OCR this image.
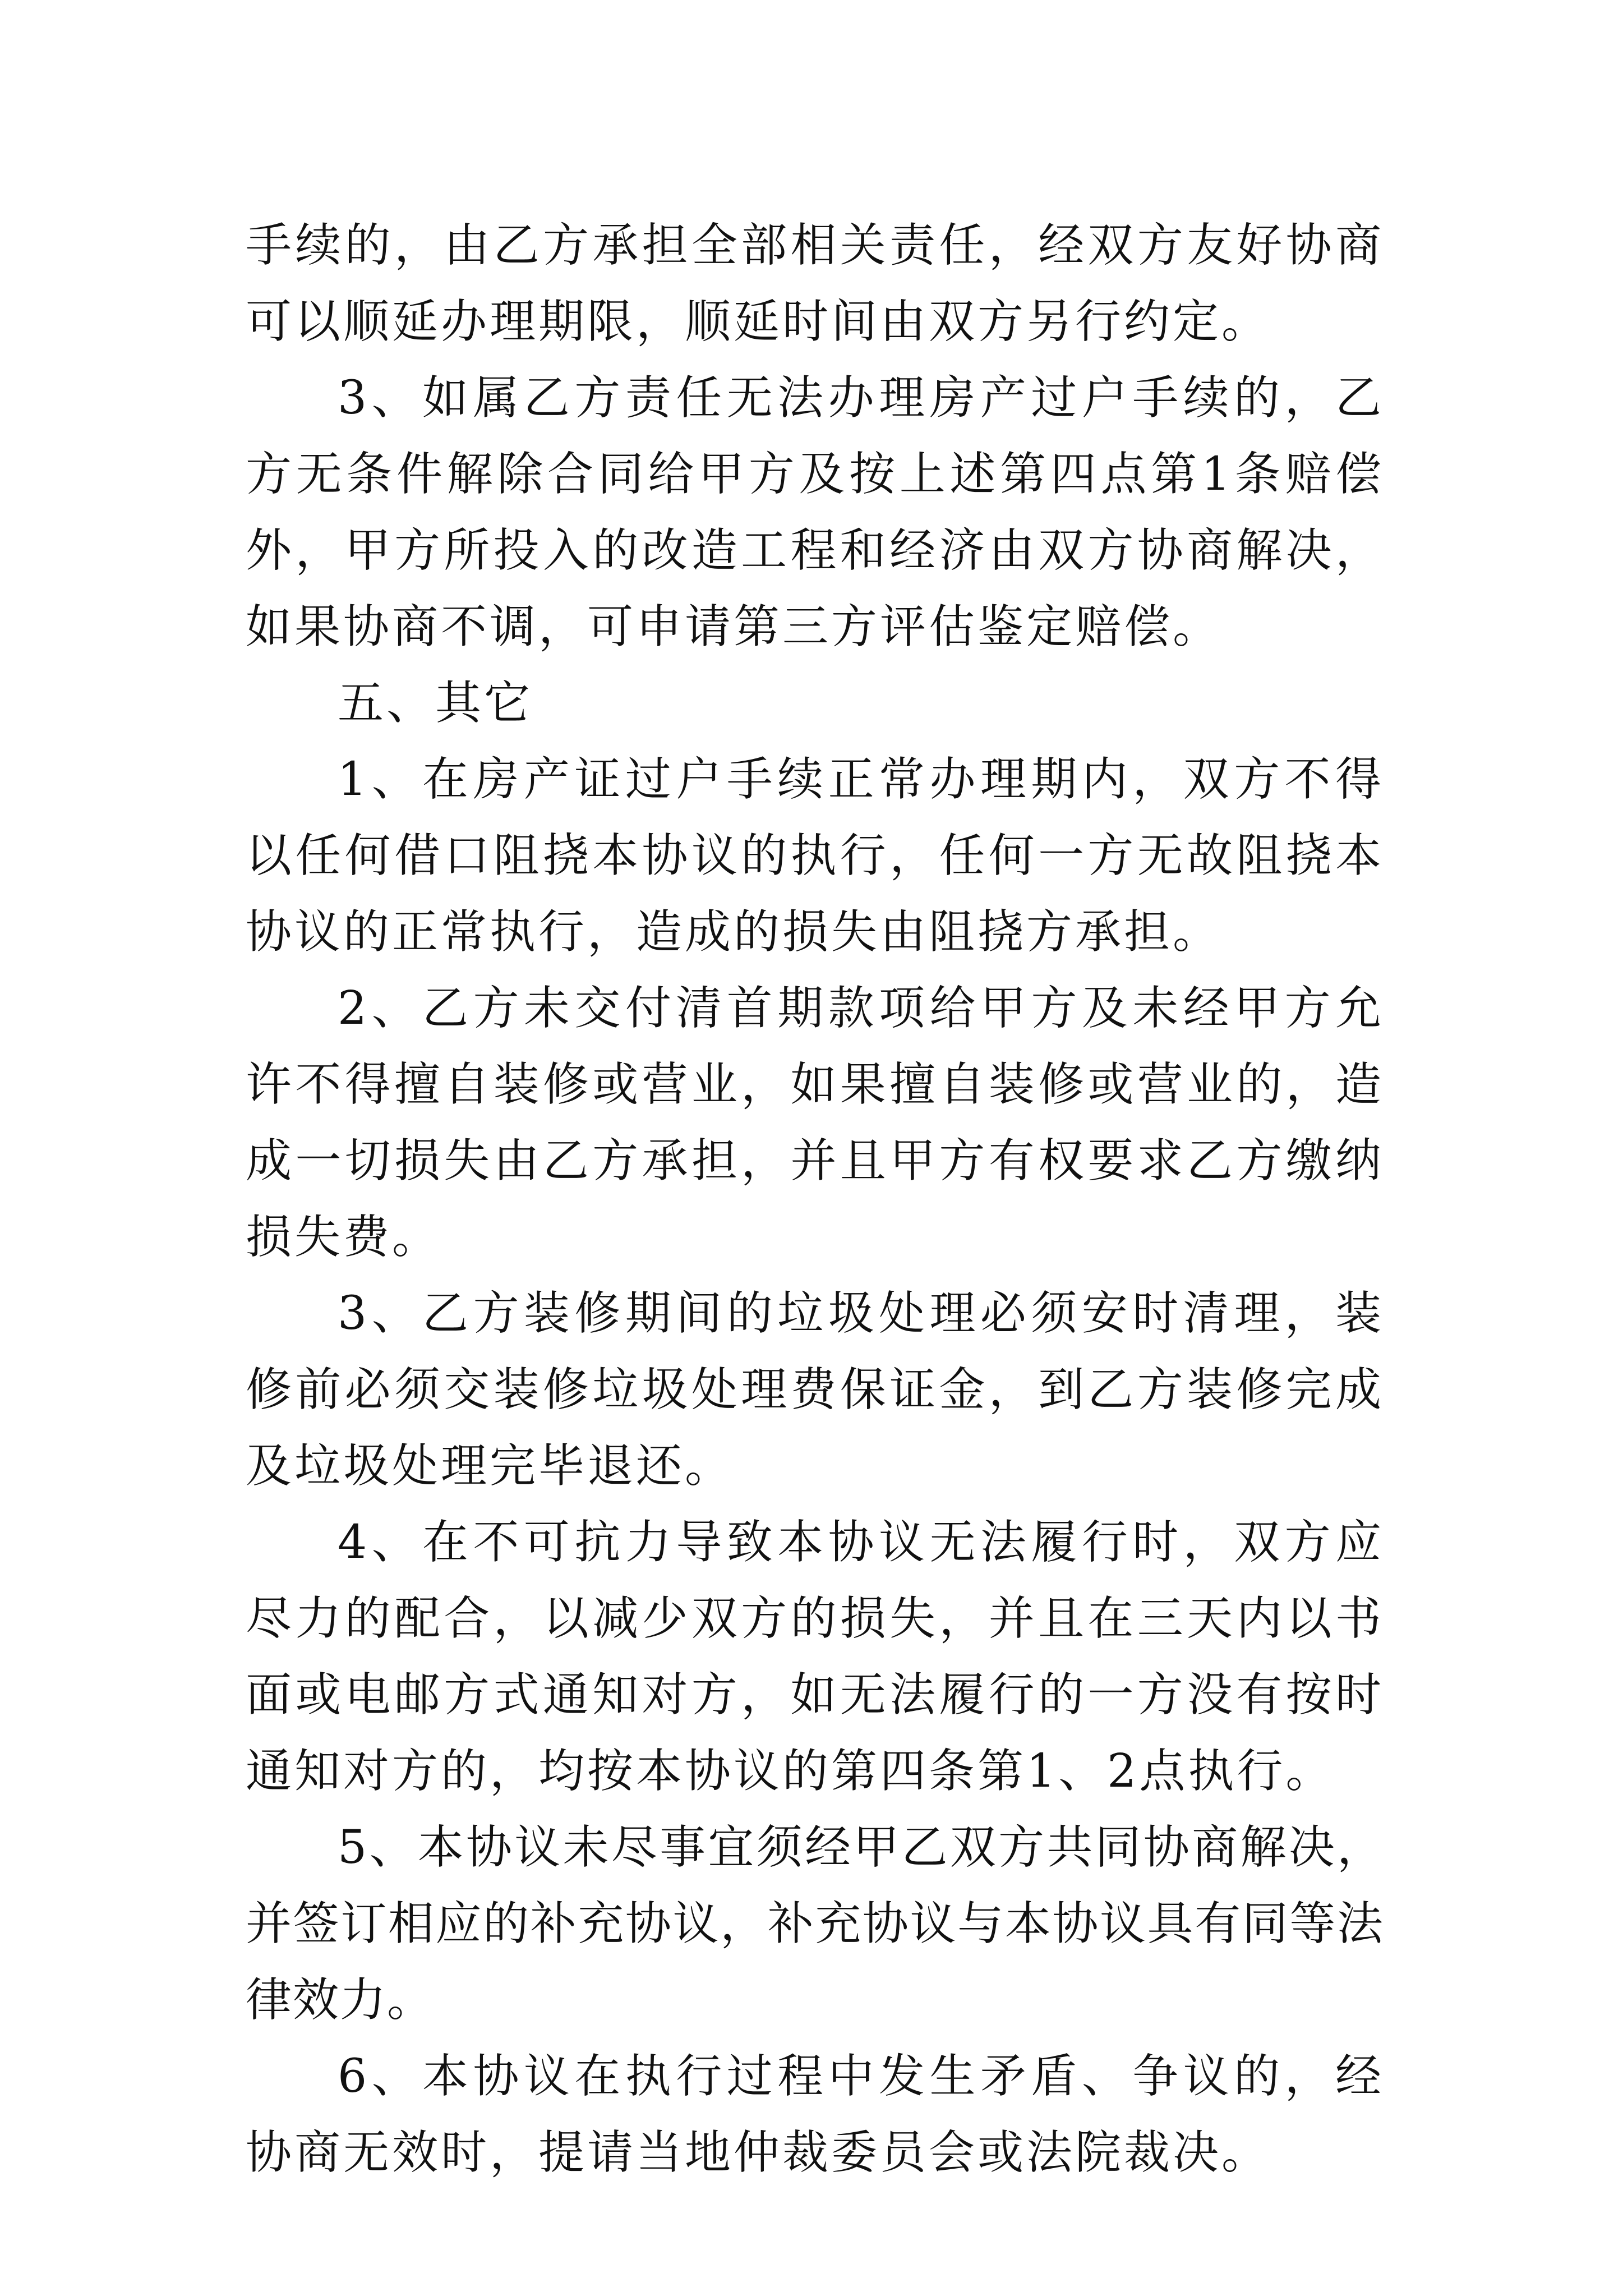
手续的，由乙方承担全部相关责任，经双方友好协商可以顺延办理期限，顺延时间由双方另行约定。

3、如属乙方责任无法办理房产过户手续的，乙方无条件解除合同给甲方及按上述第四点第1条赔偿外，甲方所投入的改造工程和经济由双方协商解决，如果协商不调，可申请第三方评估鉴定赔偿。

五、其它

1、在房产证过户手续正常办理期内，双方不得以任何借口阻挠本协议的执行，任何一方无故阻挠本协议的正常执行，造成的损失由阻挠方承担。

2、乙方未交付清首期款项给甲方及未经甲方允许不得擅自装修或营业，如果擅自装修或营业的，造成一切损失由乙方承担，并且甲方有权要求乙方缴纳损失费。

3、乙方装修期间的垃圾处理必须安时清理，装修前必须交装修垃圾处理费保证金，到乙方装修完成及垃圾处理完毕退还。

4、在不可抗力导致本协议无法履行时，双方应尽力的配合，以减少双方的损失，并且在三天内以书面或电邮方式通知对方，如无法履行的一方没有按时通知对方的，均按本协议的第四条第1、2点执行。

5、本协议未尽事宜须经甲乙双方共同协商解决，并签订相应的补充协议，补充协议与本协议具有同等法律效力。

6、本协议在执行过程中发生矛盾、争议的，经协商无效时，提请当地仲裁委员会或法院裁决。
